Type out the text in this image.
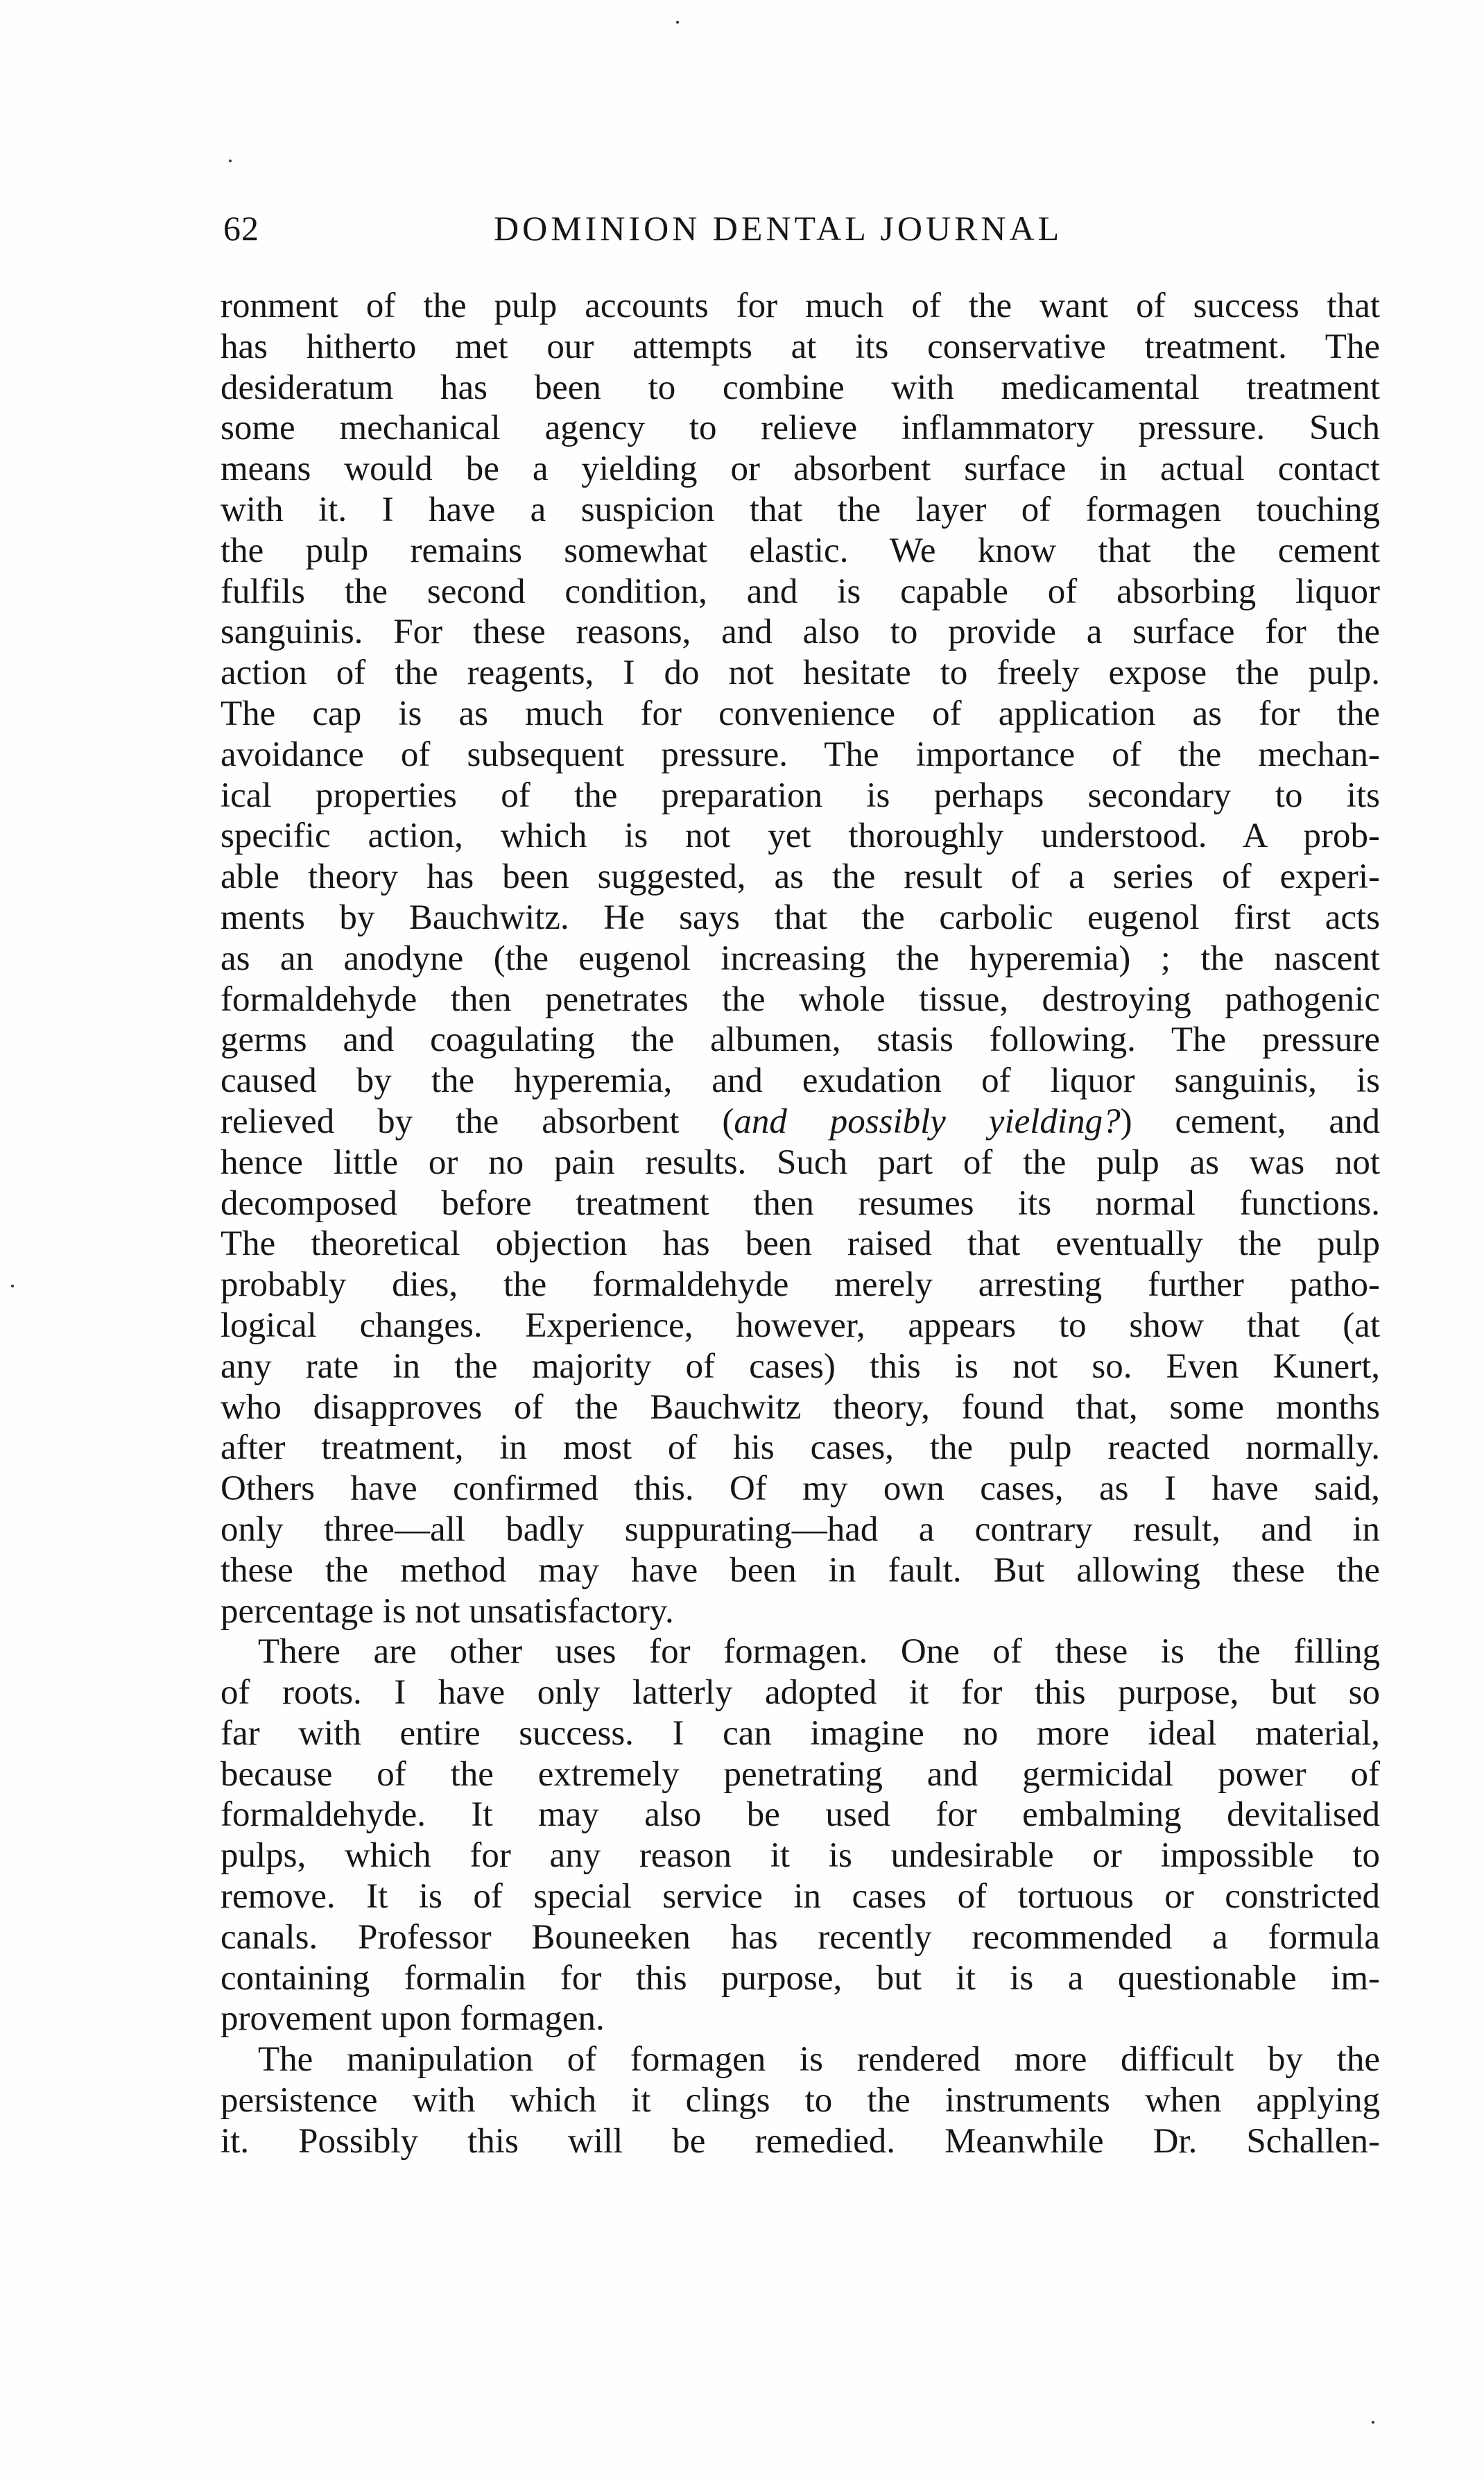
62	DOMINION DENTAL JOURNAL
ronment of the pulp accounts for much of the want of success that
has hitherto met our attempts at its conservative treatment. The
desideratum has been to combine with medicamental treatment
some mechanical agency to relieve inflammatory pressure. Such
means would be a yielding or absorbent surface in actual contact
with it. I have a suspicion that the layer of formagen touching
the pulp remains somewhat elastic. We know that the cement
fulfils the second condition, and is capable of absorbing liquor
sanguinis. For these reasons, and also to provide a surface for the
action of the reagents, I do not hesitate to freely expose the pulp.
The cap is as much for convenience of application as for the
avoidance of subsequent pressure. The importance of the mechan-
ical properties of the preparation is perhaps secondary to its
specific action, which is not yet thoroughly understood. A prob-
able theory has been suggested, as the result of a series of experi-
ments by Bauchwitz. He says that the carbolic eugenol first acts
as an anodyne (the eugenol increasing the hyperemia) ; the nascent
formaldehyde then penetrates the whole tissue, destroying pathogenic
germs and coagulating the albumen, stasis following. The pressure
caused by the hyperemia, and exudation of liquor sanguinis, is
relieved by the absorbent (and possibly yielding?) cement, and
hence little or no pain results. Such part of the pulp as was not
decomposed before treatment then resumes its normal functions.
The theoretical objection has been raised that eventually the pulp
probably dies, the formaldehyde merely arresting further patho-
logical changes. Experience, however, appears to show that (at
any rate in the majority of cases) this is not so. Even Kunert,
who disapproves of the Bauchwitz theory, found that, some months
after treatment, in most of his cases, the pulp reacted normally.
Others have confirmed this. Of my own cases, as I have said,
only three—all badly suppurating—had a contrary result, and in
these the method may have been in fault. But allowing these the
percentage is not unsatisfactory.
There are other uses for formagen. One of these is the filling
of roots. I have only latterly adopted it for this purpose, but so
far with entire success. I can imagine no more ideal material,
because of the extremely penetrating and germicidal power of
formaldehyde. It may also be used for embalming devitalised
pulps, which for any reason it is undesirable or impossible to
remove. It is of special service in cases of tortuous or constricted
canals. Professor Bouneeken has recently recommended a formula
containing formalin for this purpose, but it is a questionable im-
provement upon formagen.
The manipulation of formagen is rendered more difficult by the
persistence with which it clings to the instruments when applying
it. Possibly this will be remedied. Meanwhile Dr. Schallen-
